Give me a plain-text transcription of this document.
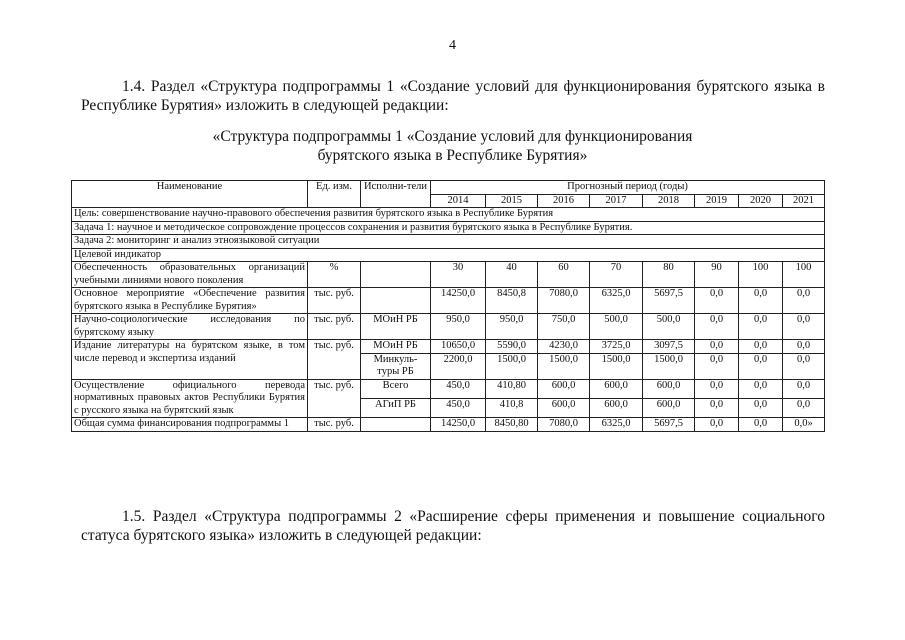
4
1.4. Раздел «Структура подпрограммы 1 «Создание условий для функционирования бурятского языка в Республике Бурятия» изложить в следующей редакции:
«Структура подпрограммы 1 «Создание условий для функционирования
бурятского языка в Республике Бурятия»
Наименование	Ед. изм.	Исполни-тели	Прогнозный период (годы)							
			2014	2015	2016	2017	2018	2019	2020	2021
Цель: совершенствование научно-правового обеспечения развития бурятского языка в Республике Бурятия										
Задача 1: научное и методическое сопровождение процессов сохранения и развития бурятского языка в Республике Бурятия.										
Задача 2: мониторинг и анализ этноязыковой ситуации										
Целевой индикатор										
Обеспеченность образовательных организаций учебными линиями нового поколения	%		30	40	60	70	80	90	100	100
Основное мероприятие «Обеспечение развития бурятского языка в Республике Бурятия»	тыс. руб.		14250,0	8450,8	7080,0	6325,0	5697,5	0,0	0,0	0,0
Научно-социологические исследования по бурятскому языку	тыс. руб.	МОиН РБ	950,0	950,0	750,0	500,0	500,0	0,0	0,0	0,0
Издание литературы на бурятском языке, в том числе перевод и экспертиза изданий	тыс. руб.	МОиН РБ	10650,0	5590,0	4230,0	3725,0	3097,5	0,0	0,0	0,0
		Минкуль-туры РБ	2200,0	1500,0	1500,0	1500,0	1500,0	0,0	0,0	0,0
Осуществление официального перевода нормативных правовых актов Республики Бурятия с русского языка на бурятский язык	тыс. руб.	Всего	450,0	410,80	600,0	600,0	600,0	0,0	0,0	0,0
		АГиП РБ	450,0	410,8	600,0	600,0	600,0	0,0	0,0	0,0
Общая сумма финансирования подпрограммы 1	тыс. руб.		14250,0	8450,80	7080,0	6325,0	5697,5	0,0	0,0	0,0»
1.5. Раздел «Структура подпрограммы 2 «Расширение сферы применения и повышение социального статуса бурятского языка» изложить в следующей редакции:
